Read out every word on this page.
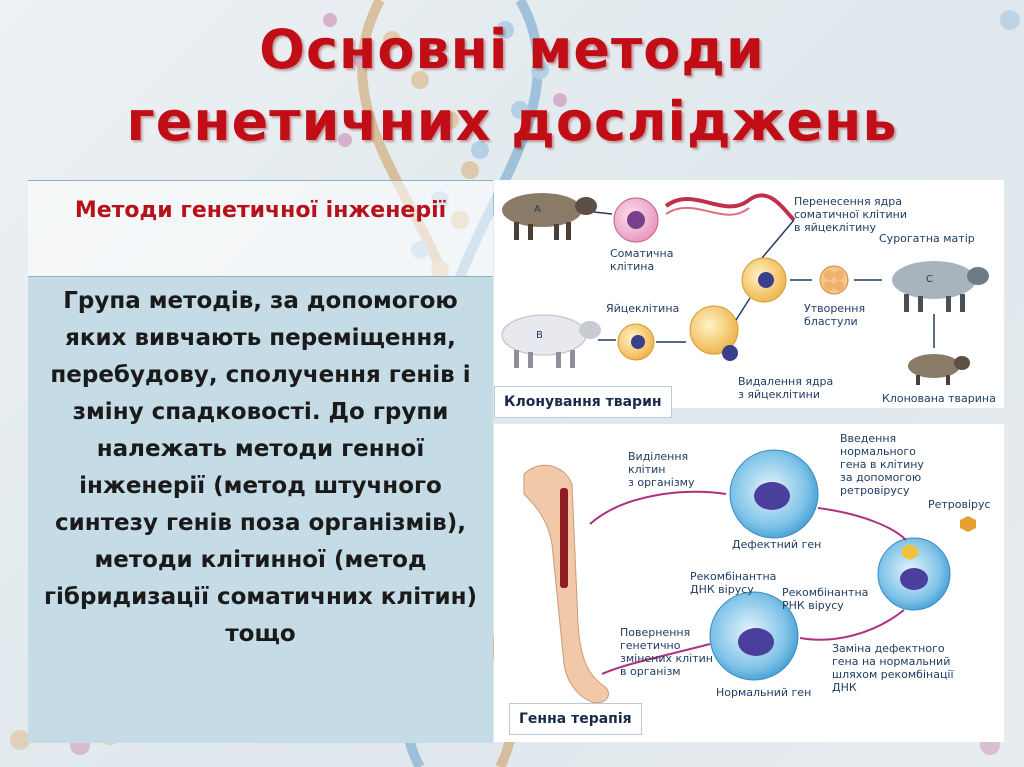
Основні методи
генетичних досліджень
Методи генетичної інженерії
Група методів, за допомогою яких вивчають переміщення, перебудову, сполучення генів і зміну спадковості. До групи належать методи генної інженерії (метод штучного синтезу генів поза організмів), методи клітинної (метод гібридизації соматичних клітин) тощо
A
Соматична клітина
Перенесення ядра соматичної клітини в яйцеклітину
Утворення бластули
Сурогатна матір
C
B
Яйцеклітина
Видалення ядра з яйцеклітини	Клонована тварина
Клонування тварин
Дефектний ген
Ретровірус
Нормальний ген
Виділення клітин з організму
Введення нормального гена в клітину за допомогою ретровірусу
Рекомбінантна ДНК вірусу	Рекомбінантна РНК вірусу
Повернення генетично змінених клітин в організм
Заміна дефектного гена на нормальний шляхом рекомбінації ДНК
Генна терапія
